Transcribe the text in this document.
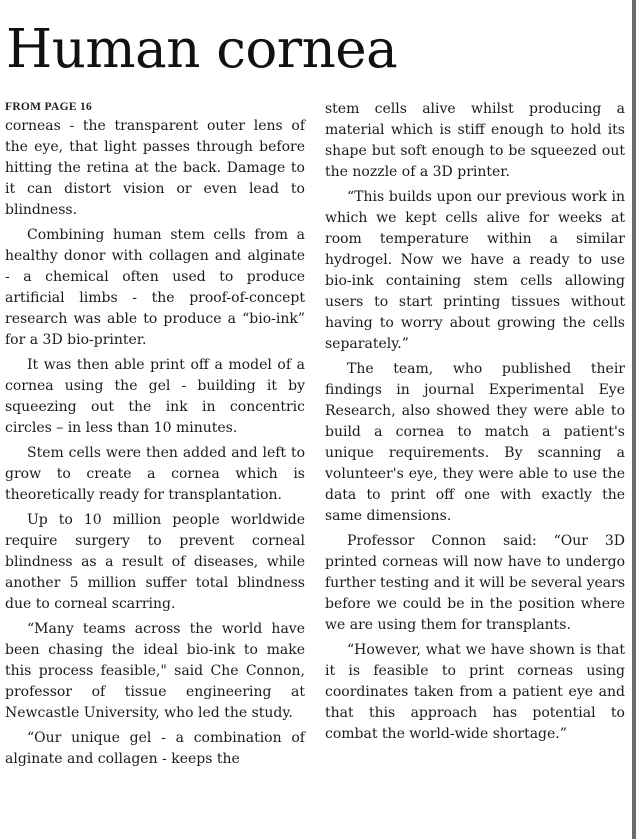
Human cornea
FROM PAGE 16

corneas - the transparent outer lens of the eye, that light passes through before hitting the retina at the back. Damage to it can distort vision or even lead to blindness.

Combining human stem cells from a healthy donor with collagen and alginate - a chemical often used to produce artificial limbs - the proof-of-concept research was able to produce a “bio-ink” for a 3D bio-printer.

It was then able print off a model of a cornea using the gel - building it by squeezing out the ink in concentric circles – in less than 10 minutes.

Stem cells were then added and left to grow to create a cornea which is theoretically ready for transplantation.

Up to 10 million people worldwide require surgery to prevent corneal blindness as a result of diseases, while another 5 million suffer total blindness due to corneal scarring.

“Many teams across the world have been chasing the ideal bio-ink to make this process feasible," said Che Connon, professor of tissue engineering at Newcastle University, who led the study.

“Our unique gel - a combination of alginate and collagen - keeps the

stem cells alive whilst producing a material which is stiff enough to hold its shape but soft enough to be squeezed out the nozzle of a 3D printer.

“This builds upon our previous work in which we kept cells alive for weeks at room temperature within a similar hydrogel. Now we have a ready to use bio-ink containing stem cells allowing users to start printing tissues without having to worry about growing the cells separately.”

The team, who published their findings in journal Experimental Eye Research, also showed they were able to build a cornea to match a patient's unique requirements. By scanning a volunteer's eye, they were able to use the data to print off one with exactly the same dimensions.

Professor Connon said: “Our 3D printed corneas will now have to undergo further testing and it will be several years before we could be in the position where we are using them for transplants.

“However, what we have shown is that it is feasible to print corneas using coordinates taken from a patient eye and that this approach has potential to combat the world-wide shortage.”
